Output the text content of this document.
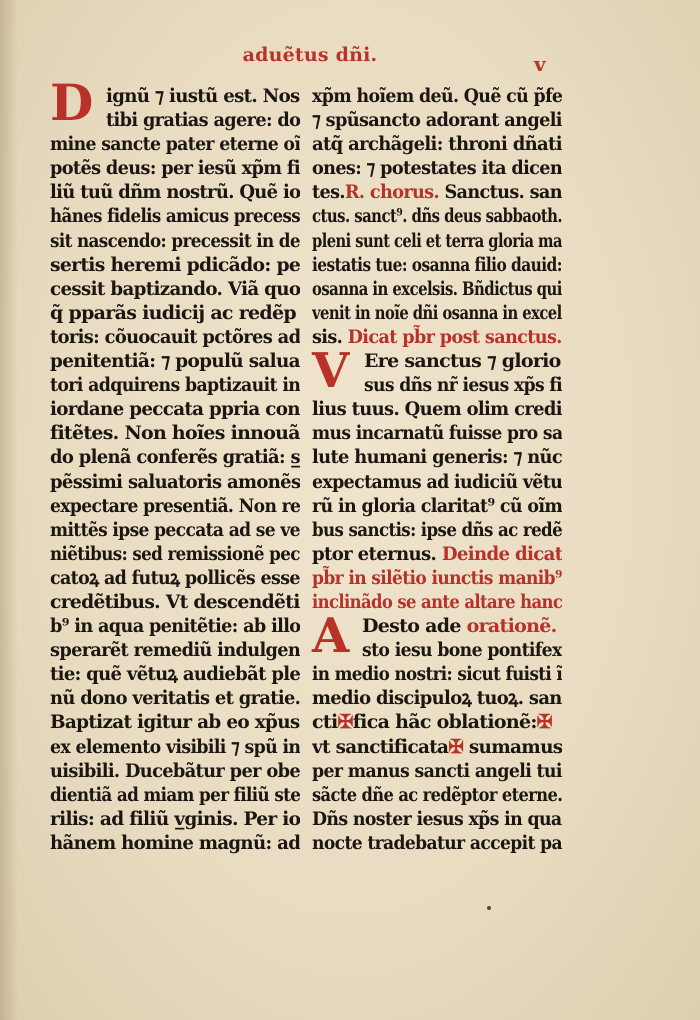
aduẽtus dñi.	v
D ignũ ⁊ iustũ est. Nos
tibi gratias agere: do
mine sancte pater eterne oĩ
potẽs deus: per iesũ xp̃m fi
liũ tuũ dñm nostrũ. Quẽ io
hãnes fidelis amicus precess
sit nascendo: precessit in de
sertis heremi p̲dicãdo: p̲e
cessit baptizando. Viã quo
q̃ p̲parãs iudicij ac redẽp
toris: cõuocauit pctõres ad
penitentiã: ⁊ populũ salua
tori adquirens baptizauit in
iordane peccata p̲pria con
fitẽtes. Non hoĩes innouã
do plenã conferẽs gratiã: s̲
p̲ẽssimi saluatoris amonẽs
expectare presentiã. Non re
mittẽs ipse peccata ad se ve
niẽtibus: sed remissionẽ pec
catoꝝ ad futuꝝ pollicẽs esse
credẽtibus. Vt descendẽti
b⁹ in aqua penitẽtie: ab illo
sperarẽt remediũ indulgen
tie: quẽ vẽtuꝝ audiebãt ple
nũ dono veritatis et gratie.
Baptizat igitur ab eo xp̃us
ex elemento visibili ⁊ spũ in
uisibili. Ducebãtur per obe
dientiã ad miam per filiũ ste
rilis: ad filiũ v̲ginis. Per io
hãnem homine magnũ: ad
xp̃m hoĩem deũ. Quẽ cũ p̃fe
⁊ spũsancto adorant angeli
atq̃ archãgeli: throni dñati
ones: ⁊ potestates ita dicen
tes.R. chorus. Sanctus. san
ctus. sanct⁹. dñs deus sabbaoth.
pleni sunt celi et terra gloria ma
iestatis tue: osanna filio dauid:
osanna in excelsis. Bñdictus qui
venit in noĩe dñi osanna in excel
sis. Dicat pb̃r post sanctus.
V Ere sanctus ⁊ glorio
sus dñs nr̃ iesus xp̃s fi
lius tuus. Quem olim credi
mus incarnatũ fuisse pro sa
lute humani generis: ⁊ nũc
expectamus ad iudiciũ vẽtu
rũ in gloria claritat⁹ cũ oĩm
bus sanctis: ipse dñs ac redẽ
ptor eternus. Deinde dicat
pb̃r in silẽtio iunctis manib⁹
inclinãdo se ante altare hanc
A Desto ade orationẽ.
sto iesu bone pontifex
in medio nostri: sicut fuisti ĩ
medio discipuloꝝ tuoꝝ. san
cti✠fica hãc oblationẽ:✠
vt sanctificata✠ sumamus
per manus sancti angeli tui
sãcte dñe ac redẽptor eterne.
Dñs noster iesus xp̃s in qua
nocte tradebatur accepit pa
